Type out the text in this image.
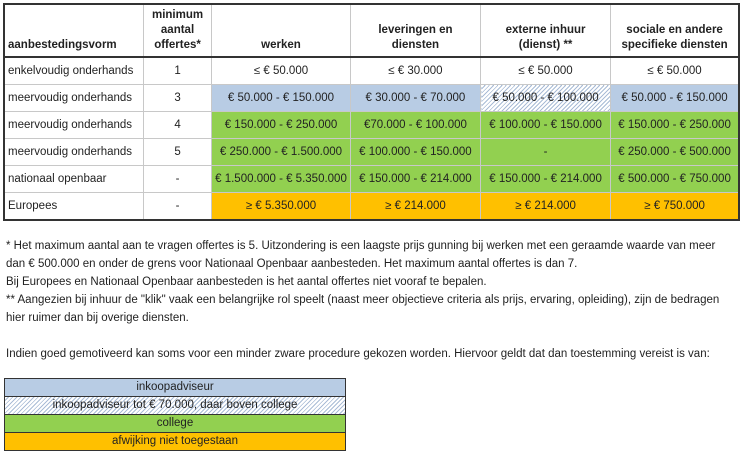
aanbestedingsvorm	minimum aantal offertes*	werken	leveringen en diensten	externe inhuur (dienst) **	sociale en andere specifieke diensten
enkelvoudig onderhands	1	≤ € 50.000	≤ € 30.000	≤ € 50.000	≤ € 50.000
meervoudig onderhands	3	€ 50.000 - € 150.000	€ 30.000 - € 70.000	€ 50.000 - € 100.000	€ 50.000 - € 150.000
meervoudig onderhands	4	€ 150.000 - € 250.000	€70.000 - € 100.000	€ 100.000 - € 150.000	€ 150.000 - € 250.000
meervoudig onderhands	5	€ 250.000 - € 1.500.000	€ 100.000 - € 150.000	-	€ 250.000 - € 500.000
nationaal openbaar	-	€ 1.500.000 - € 5.350.000	€ 150.000 - € 214.000	€ 150.000 - € 214.000	€ 500.000 - € 750.000
Europees	-	≥ € 5.350.000	≥ € 214.000	≥ € 214.000	≥ € 750.000

* Het maximum aantal aan te vragen offertes is 5. Uitzondering is een laagste prijs gunning bij werken met een geraamde waarde van meer dan € 500.000 en onder de grens voor Nationaal Openbaar aanbesteden. Het maximum aantal offertes is dan 7.

Bij Europees en Nationaal Openbaar aanbesteden is het aantal offertes niet vooraf te bepalen.

** Aangezien bij inhuur de "klik" vaak een belangrijke rol speelt (naast meer objectieve criteria als prijs, ervaring, opleiding), zijn de bedragen hier ruimer dan bij overige diensten.

Indien goed gemotiveerd kan soms voor een minder zware procedure gekozen worden. Hiervoor geldt dat dan toestemming vereist is van:

inkoopadviseur
inkoopadviseur tot € 70.000, daar boven college
college
afwijking niet toegestaan
